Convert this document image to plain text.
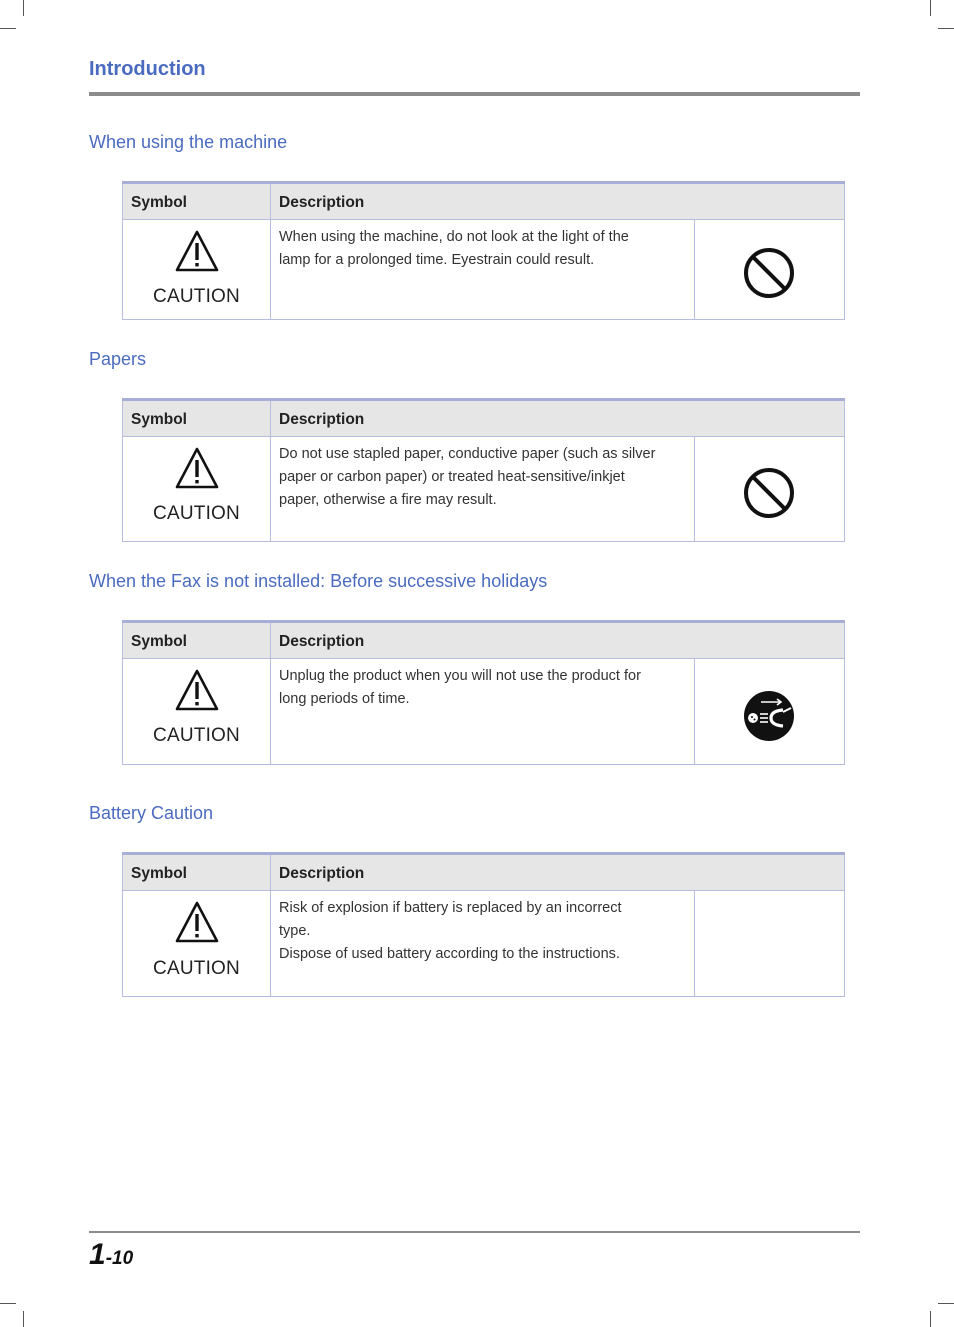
Introduction
When using the machine
Symbol	Description
CAUTION
When using the machine, do not look at the light of the
lamp for a prolonged time. Eyestrain could result.
Papers
Symbol	Description
CAUTION
Do not use stapled paper, conductive paper (such as silver
paper or carbon paper) or treated heat-sensitive/inkjet
paper, otherwise a fire may result.
When the Fax is not installed: Before successive holidays
Symbol	Description
CAUTION
Unplug the product when you will not use the product for
long periods of time.
Battery Caution
Symbol	Description
CAUTION
Risk of explosion if battery is replaced by an incorrect
type.
Dispose of used battery according to the instructions.
1-10
